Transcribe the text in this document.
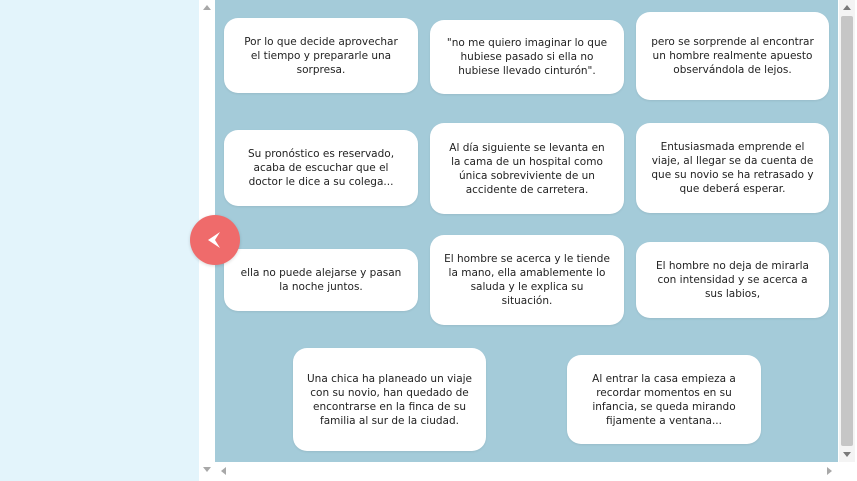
Por lo que decide aprovechar el tiempo y prepararle una sorpresa.
"no me quiero imaginar lo que hubiese pasado si ella no hubiese llevado cinturón".
pero se sorprende al encontrar un hombre realmente apuesto observándola de lejos.
Su pronóstico es reservado, acaba de escuchar que el doctor le dice a su colega...
Al día siguiente se levanta en la cama de un hospital como única sobreviviente de un accidente de carretera.
Entusiasmada emprende el viaje, al llegar se da cuenta de que su novio se ha retrasado y que deberá esperar.
ella no puede alejarse y pasan la noche juntos.
El hombre se acerca y le tiende la mano, ella amablemente lo saluda y le explica su situación.
El hombre no deja de mirarla con intensidad y se acerca a sus labios,
Una chica ha planeado un viaje con su novio, han quedado de encontrarse en la finca de su familia al sur de la ciudad.
Al entrar la casa empieza a recordar momentos en su infancia, se queda mirando fijamente a ventana...
